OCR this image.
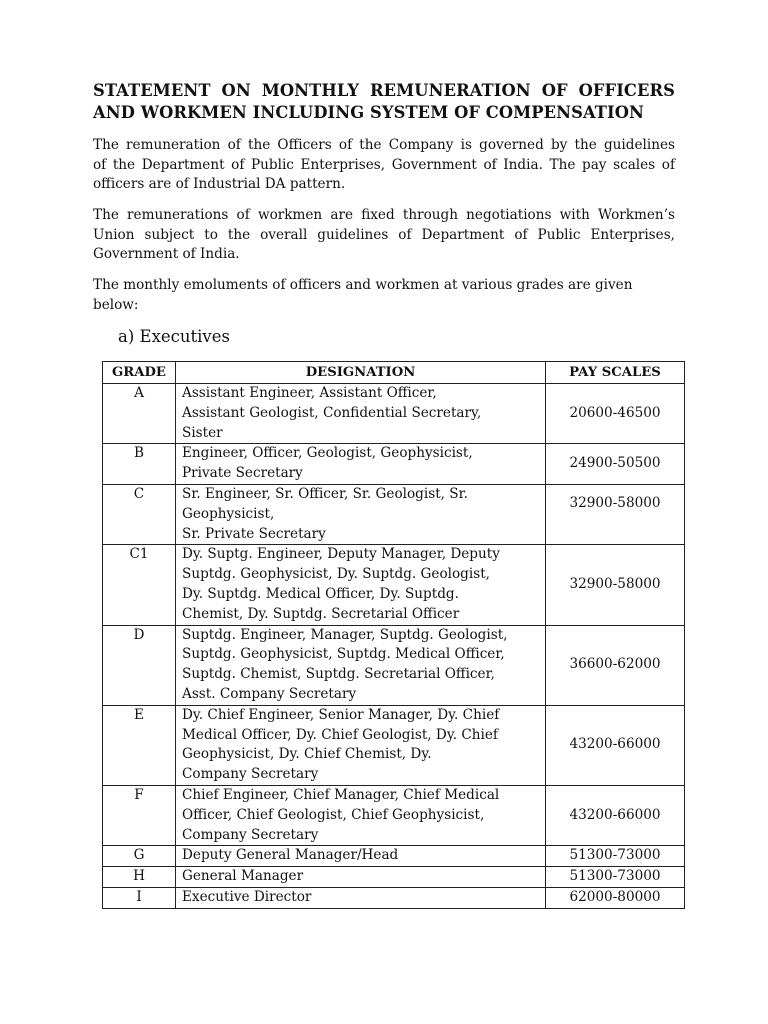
STATEMENT ON MONTHLY REMUNERATION OF OFFICERS
AND WORKMEN INCLUDING SYSTEM OF COMPENSATION

The remuneration of the Officers of the Company is governed by the guidelines
of the Department of Public Enterprises, Government of India. The pay scales of
officers are of Industrial DA pattern.

The remunerations of workmen are fixed through negotiations with Workmen’s
Union subject to the overall guidelines of Department of Public Enterprises,
Government of India.

The monthly emoluments of officers and workmen at various grades are given
below:

a) Executives
GRADE	DESIGNATION	PAY SCALES
A	Assistant Engineer, Assistant Officer,
Assistant Geologist, Confidential Secretary,
Sister	20600-46500
B	Engineer, Officer, Geologist, Geophysicist,
Private Secretary	24900-50500
C	Sr. Engineer, Sr. Officer, Sr. Geologist, Sr.
Geophysicist,
Sr. Private Secretary	32900-58000
C1	Dy. Suptg. Engineer, Deputy Manager, Deputy
Suptdg. Geophysicist, Dy. Suptdg. Geologist,
Dy. Suptdg. Medical Officer, Dy. Suptdg.
Chemist, Dy. Suptdg. Secretarial Officer	32900-58000
D	Suptdg. Engineer, Manager, Suptdg. Geologist,
Suptdg. Geophysicist, Suptdg. Medical Officer,
Suptdg. Chemist, Suptdg. Secretarial Officer,
Asst. Company Secretary	36600-62000
E	Dy. Chief Engineer, Senior Manager, Dy. Chief
Medical Officer, Dy. Chief Geologist, Dy. Chief
Geophysicist, Dy. Chief Chemist, Dy.
Company Secretary	43200-66000
F	Chief Engineer, Chief Manager, Chief Medical
Officer, Chief Geologist, Chief Geophysicist,
Company Secretary	43200-66000
G	Deputy General Manager/Head	51300-73000
H	General Manager	51300-73000
I	Executive Director	62000-80000
